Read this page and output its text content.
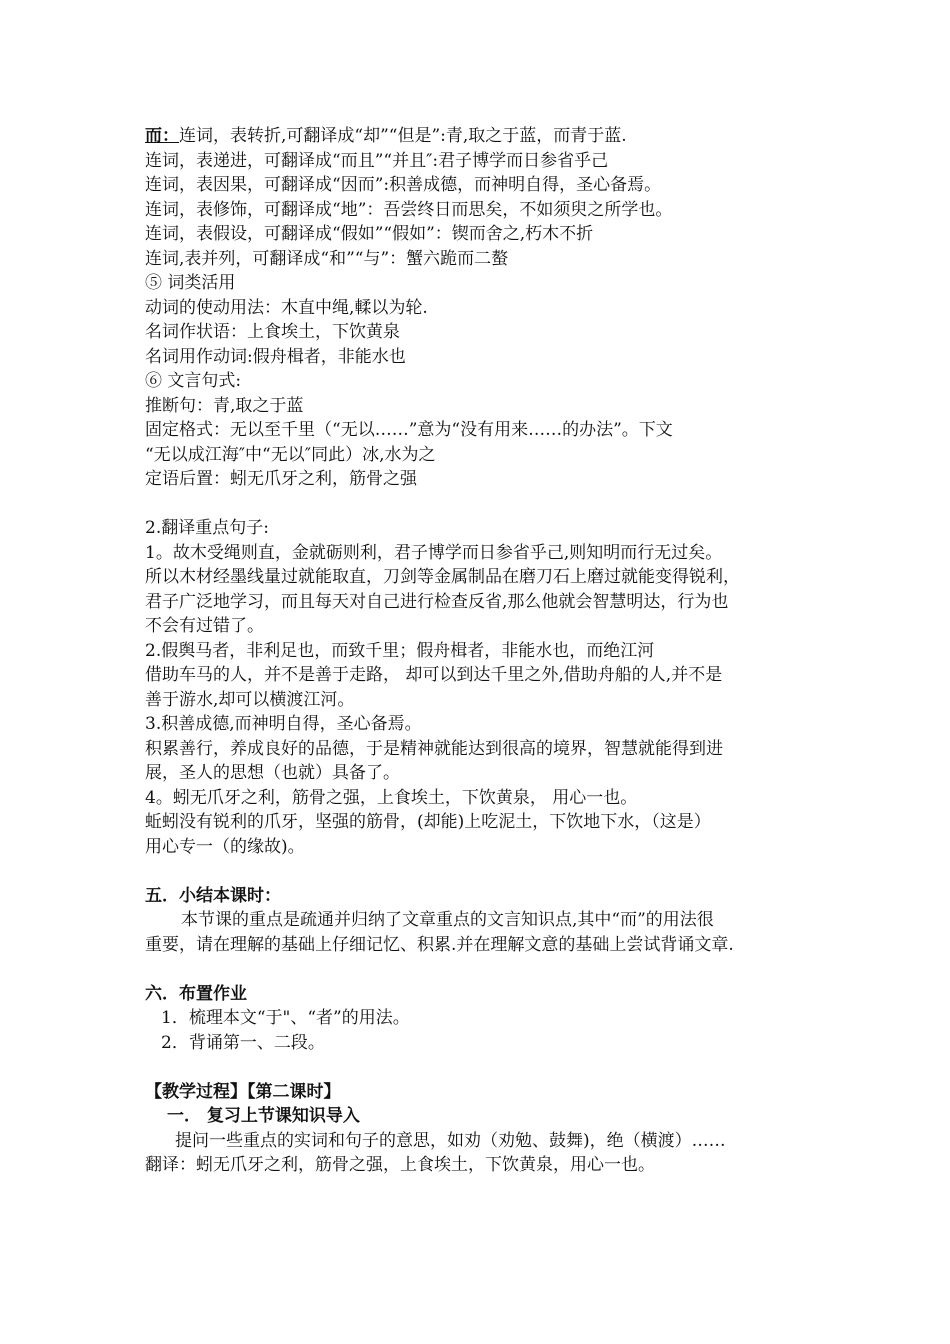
而：连词，表转折,可翻译成“却”“但是”:青,取之于蓝，而青于蓝.
连词，表递进，可翻译成“而且”“并且″:君子博学而日参省乎己
连词，表因果，可翻译成“因而”:积善成德，而神明自得，圣心备焉。
连词，表修饰，可翻译成“地”：吾尝终日而思矣，不如须臾之所学也。
连词，表假设，可翻译成“假如”“假如”：锲而舍之,朽木不折
连词,表并列，可翻译成“和”“与”：蟹六跪而二螯
⑤ 词类活用
动词的使动用法：木直中绳,輮以为轮.
名词作状语：上食埃土，下饮黄泉
名词用作动词:假舟楫者，非能水也
⑥ 文言句式:
推断句：青,取之于蓝
固定格式：无以至千里（“无以……”意为“没有用来……的办法”。下文
“无以成江海″中“无以″同此）冰,水为之
定语后置：蚓无爪牙之利，筋骨之强
2.翻译重点句子:
1。故木受绳则直，金就砺则利，君子博学而日参省乎己,则知明而行无过矣。
所以木材经墨线量过就能取直，刀剑等金属制品在磨刀石上磨过就能变得锐利，
君子广泛地学习，而且每天对自己进行检查反省,那么他就会智慧明达，行为也
不会有过错了。
2.假舆马者，非利足也，而致千里；假舟楫者，非能水也，而绝江河
借助车马的人，并不是善于走路， 却可以到达千里之外,借助舟船的人,并不是
善于游水,却可以横渡江河。
3.积善成德,而神明自得，圣心备焉。
积累善行，养成良好的品德，于是精神就能达到很高的境界，智慧就能得到进
展，圣人的思想（也就）具备了。
4。蚓无爪牙之利，筋骨之强，上食埃土，下饮黄泉， 用心一也。
蚯蚓没有锐利的爪牙，坚强的筋骨，(却能)上吃泥土，下饮地下水，（这是）
用心专一（的缘故)。
五．小结本课时：
本节课的重点是疏通并归纳了文章重点的文言知识点,其中“而”的用法很
重要，请在理解的基础上仔细记忆、积累.并在理解文意的基础上尝试背诵文章.
六．布置作业
1．梳理本文“于"、“者”的用法。
2．背诵第一、二段。
【教学过程】【第二课时】
一． 复习上节课知识导入
提问一些重点的实词和句子的意思，如劝（劝勉、鼓舞)，绝（横渡）……
翻译：蚓无爪牙之利，筋骨之强，上食埃土，下饮黄泉，用心一也。
